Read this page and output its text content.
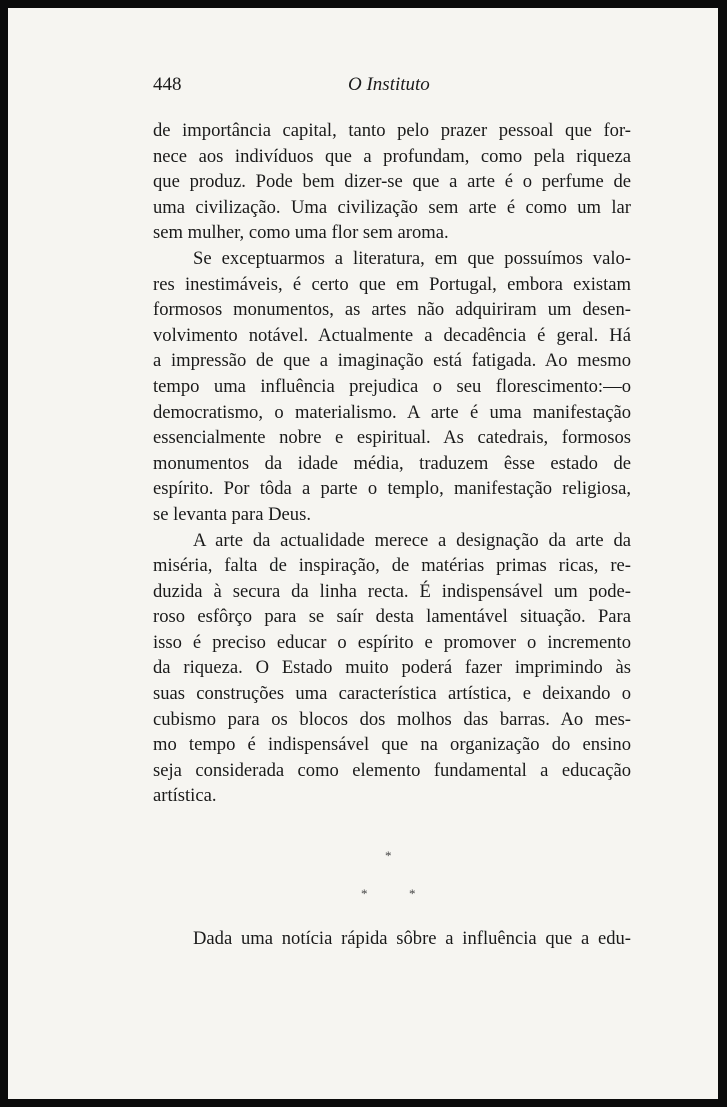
448	O Instituto
de importância capital, tanto pelo prazer pessoal que for-
nece aos indivíduos que a profundam, como pela riqueza
que produz. Pode bem dizer-se que a arte é o perfume de
uma civilização. Uma civilização sem arte é como um lar
sem mulher, como uma flor sem aroma.
Se exceptuarmos a literatura, em que possuímos valo-
res inestimáveis, é certo que em Portugal, embora existam
formosos monumentos, as artes não adquiriram um desen-
volvimento notável. Actualmente a decadência é geral. Há
a impressão de que a imaginação está fatigada. Ao mesmo
tempo uma influência prejudica o seu florescimento:—o
democratismo, o materialismo. A arte é uma manifestação
essencialmente nobre e espiritual. As catedrais, formosos
monumentos da idade média, traduzem êsse estado de
espírito. Por tôda a parte o templo, manifestação religiosa,
se levanta para Deus.
A arte da actualidade merece a designação da arte da
miséria, falta de inspiração, de matérias primas ricas, re-
duzida à secura da linha recta. É indispensável um pode-
roso esfôrço para se saír desta lamentável situação. Para
isso é preciso educar o espírito e promover o incremento
da riqueza. O Estado muito poderá fazer imprimindo às
suas construções uma característica artística, e deixando o
cubismo para os blocos dos molhos das barras. Ao mes-
mo tempo é indispensável que na organização do ensino
seja considerada como elemento fundamental a educação
artística.
*
*	*
Dada uma notícia rápida sôbre a influência que a edu-
